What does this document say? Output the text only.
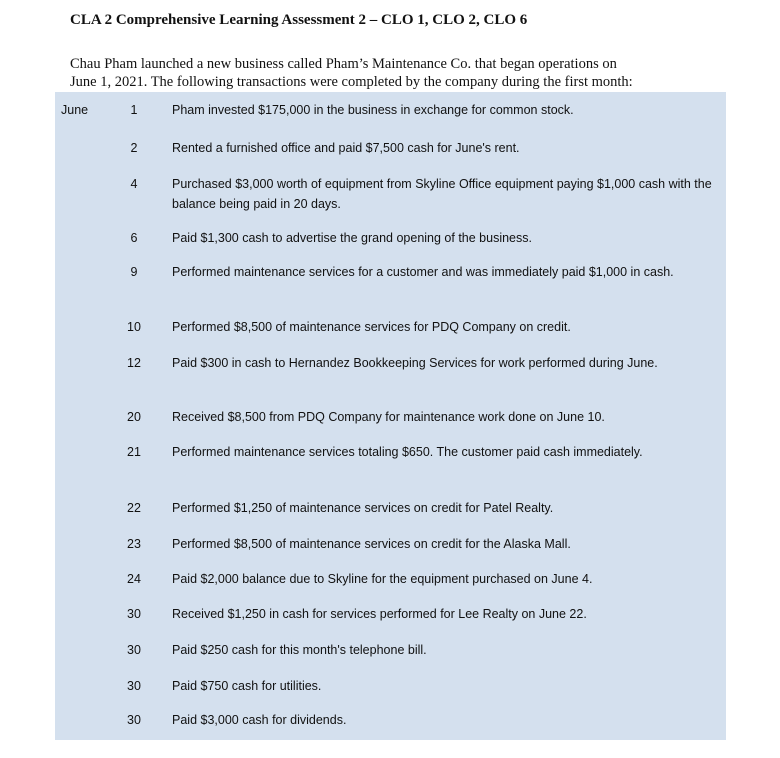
CLA 2 Comprehensive Learning Assessment 2 – CLO 1, CLO 2, CLO 6
Chau Pham launched a new business called Pham’s Maintenance Co. that began operations on
June 1, 2021. The following transactions were completed by the company during the first month:
June	1	Pham invested $175,000 in the business in exchange for common stock.
2	Rented a furnished office and paid $7,500 cash for June's rent.
4	Purchased $3,000 worth of equipment from Skyline Office equipment paying $1,000 cash with the balance being paid in 20 days.
6	Paid $1,300 cash to advertise the grand opening of the business.
9	Performed maintenance services for a customer and was immediately paid $1,000 in cash.
10	Performed $8,500 of maintenance services for PDQ Company on credit.
12	Paid $300 in cash to Hernandez Bookkeeping Services for work performed during June.
20	Received $8,500 from PDQ Company for maintenance work done on June 10.
21	Performed maintenance services totaling $650. The customer paid cash immediately.
22	Performed $1,250 of maintenance services on credit for Patel Realty.
23	Performed $8,500 of maintenance services on credit for the Alaska Mall.
24	Paid $2,000 balance due to Skyline for the equipment purchased on June 4.
30	Received $1,250 in cash for services performed for Lee Realty on June 22.
30	Paid $250 cash for this month's telephone bill.
30	Paid $750 cash for utilities.
30	Paid $3,000 cash for dividends.
